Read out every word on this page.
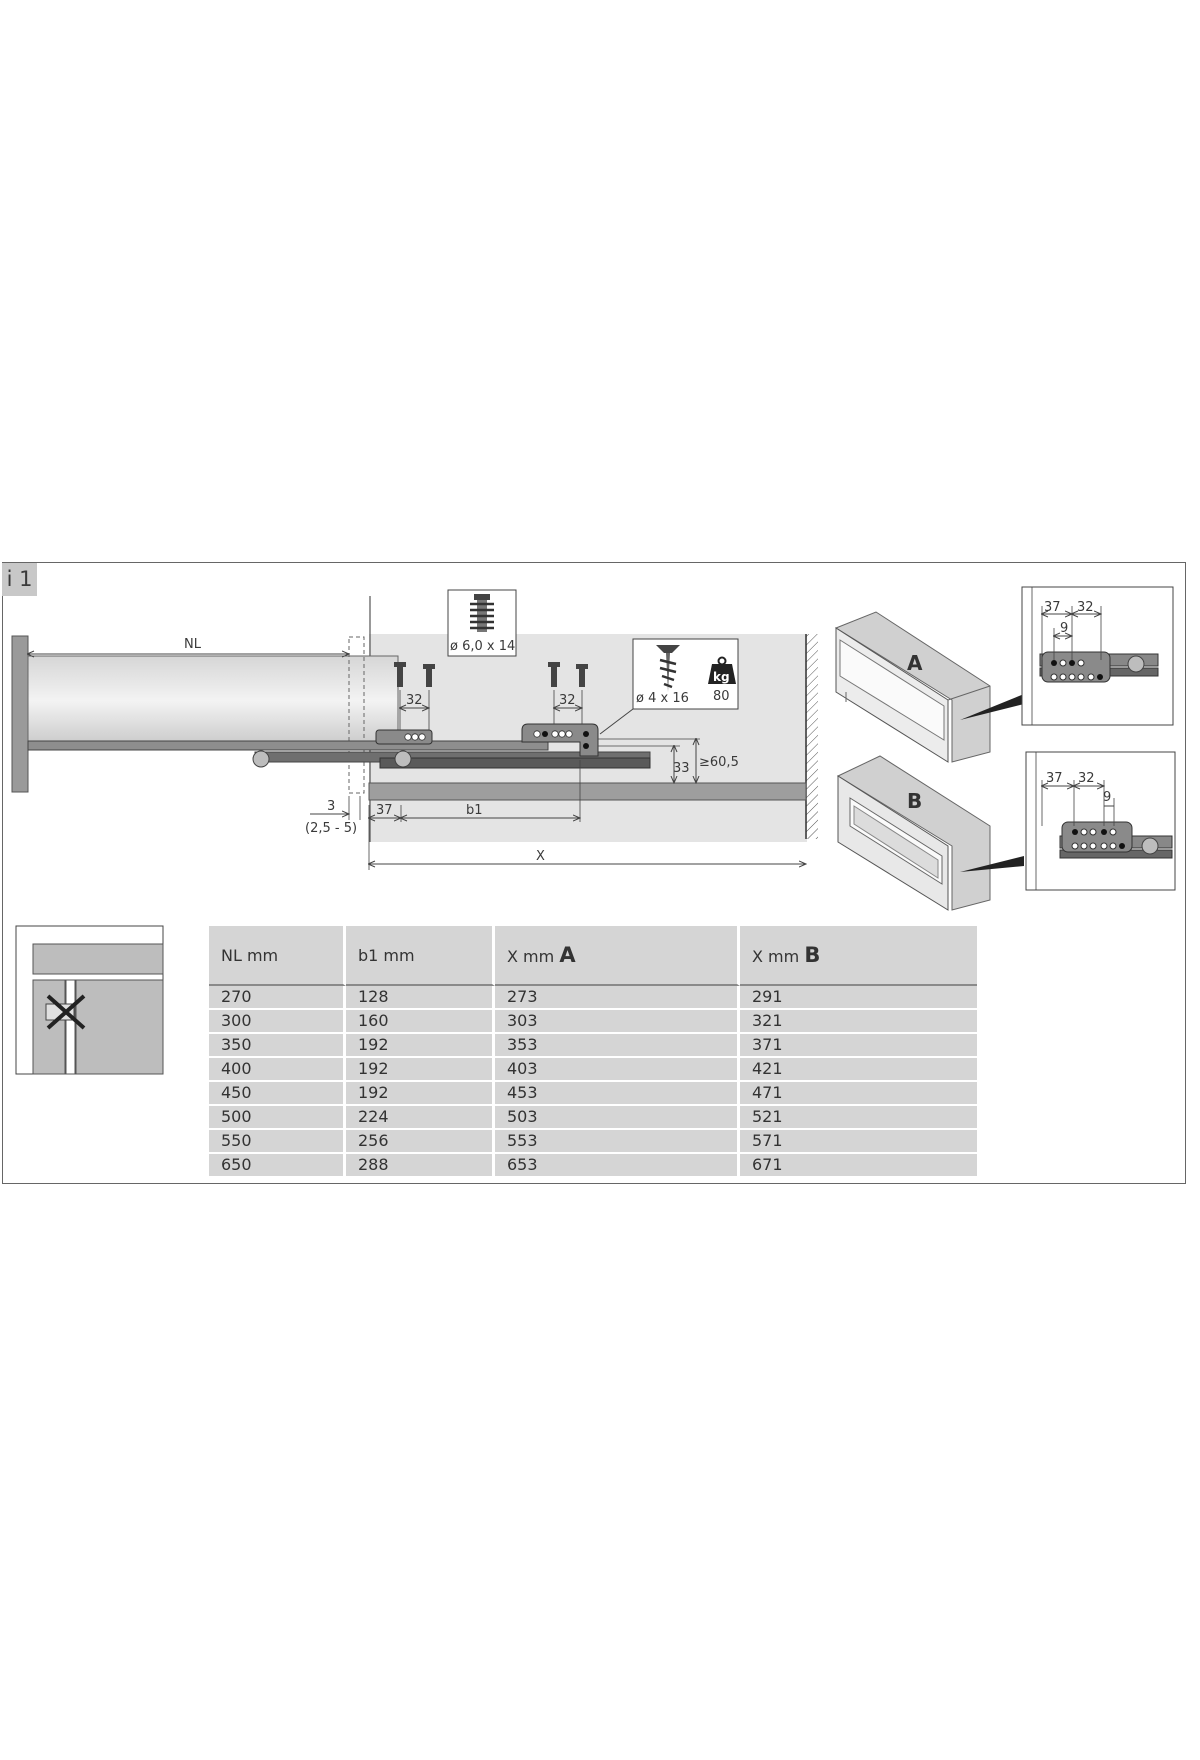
i 1
ø 6,0 x 14
ø 4 x 16
kg
80
NL
32	32
33 ≥60,5
3
(2,5 - 5)
37	b1
X
A
B
37 32
9
37 32
9
NL mm	b1 mm	X mm A	X mm B
270	128	273	291
300	160	303	321
350	192	353	371
400	192	403	421
450	192	453	471
500	224	503	521
550	256	553	571
650	288	653	671
